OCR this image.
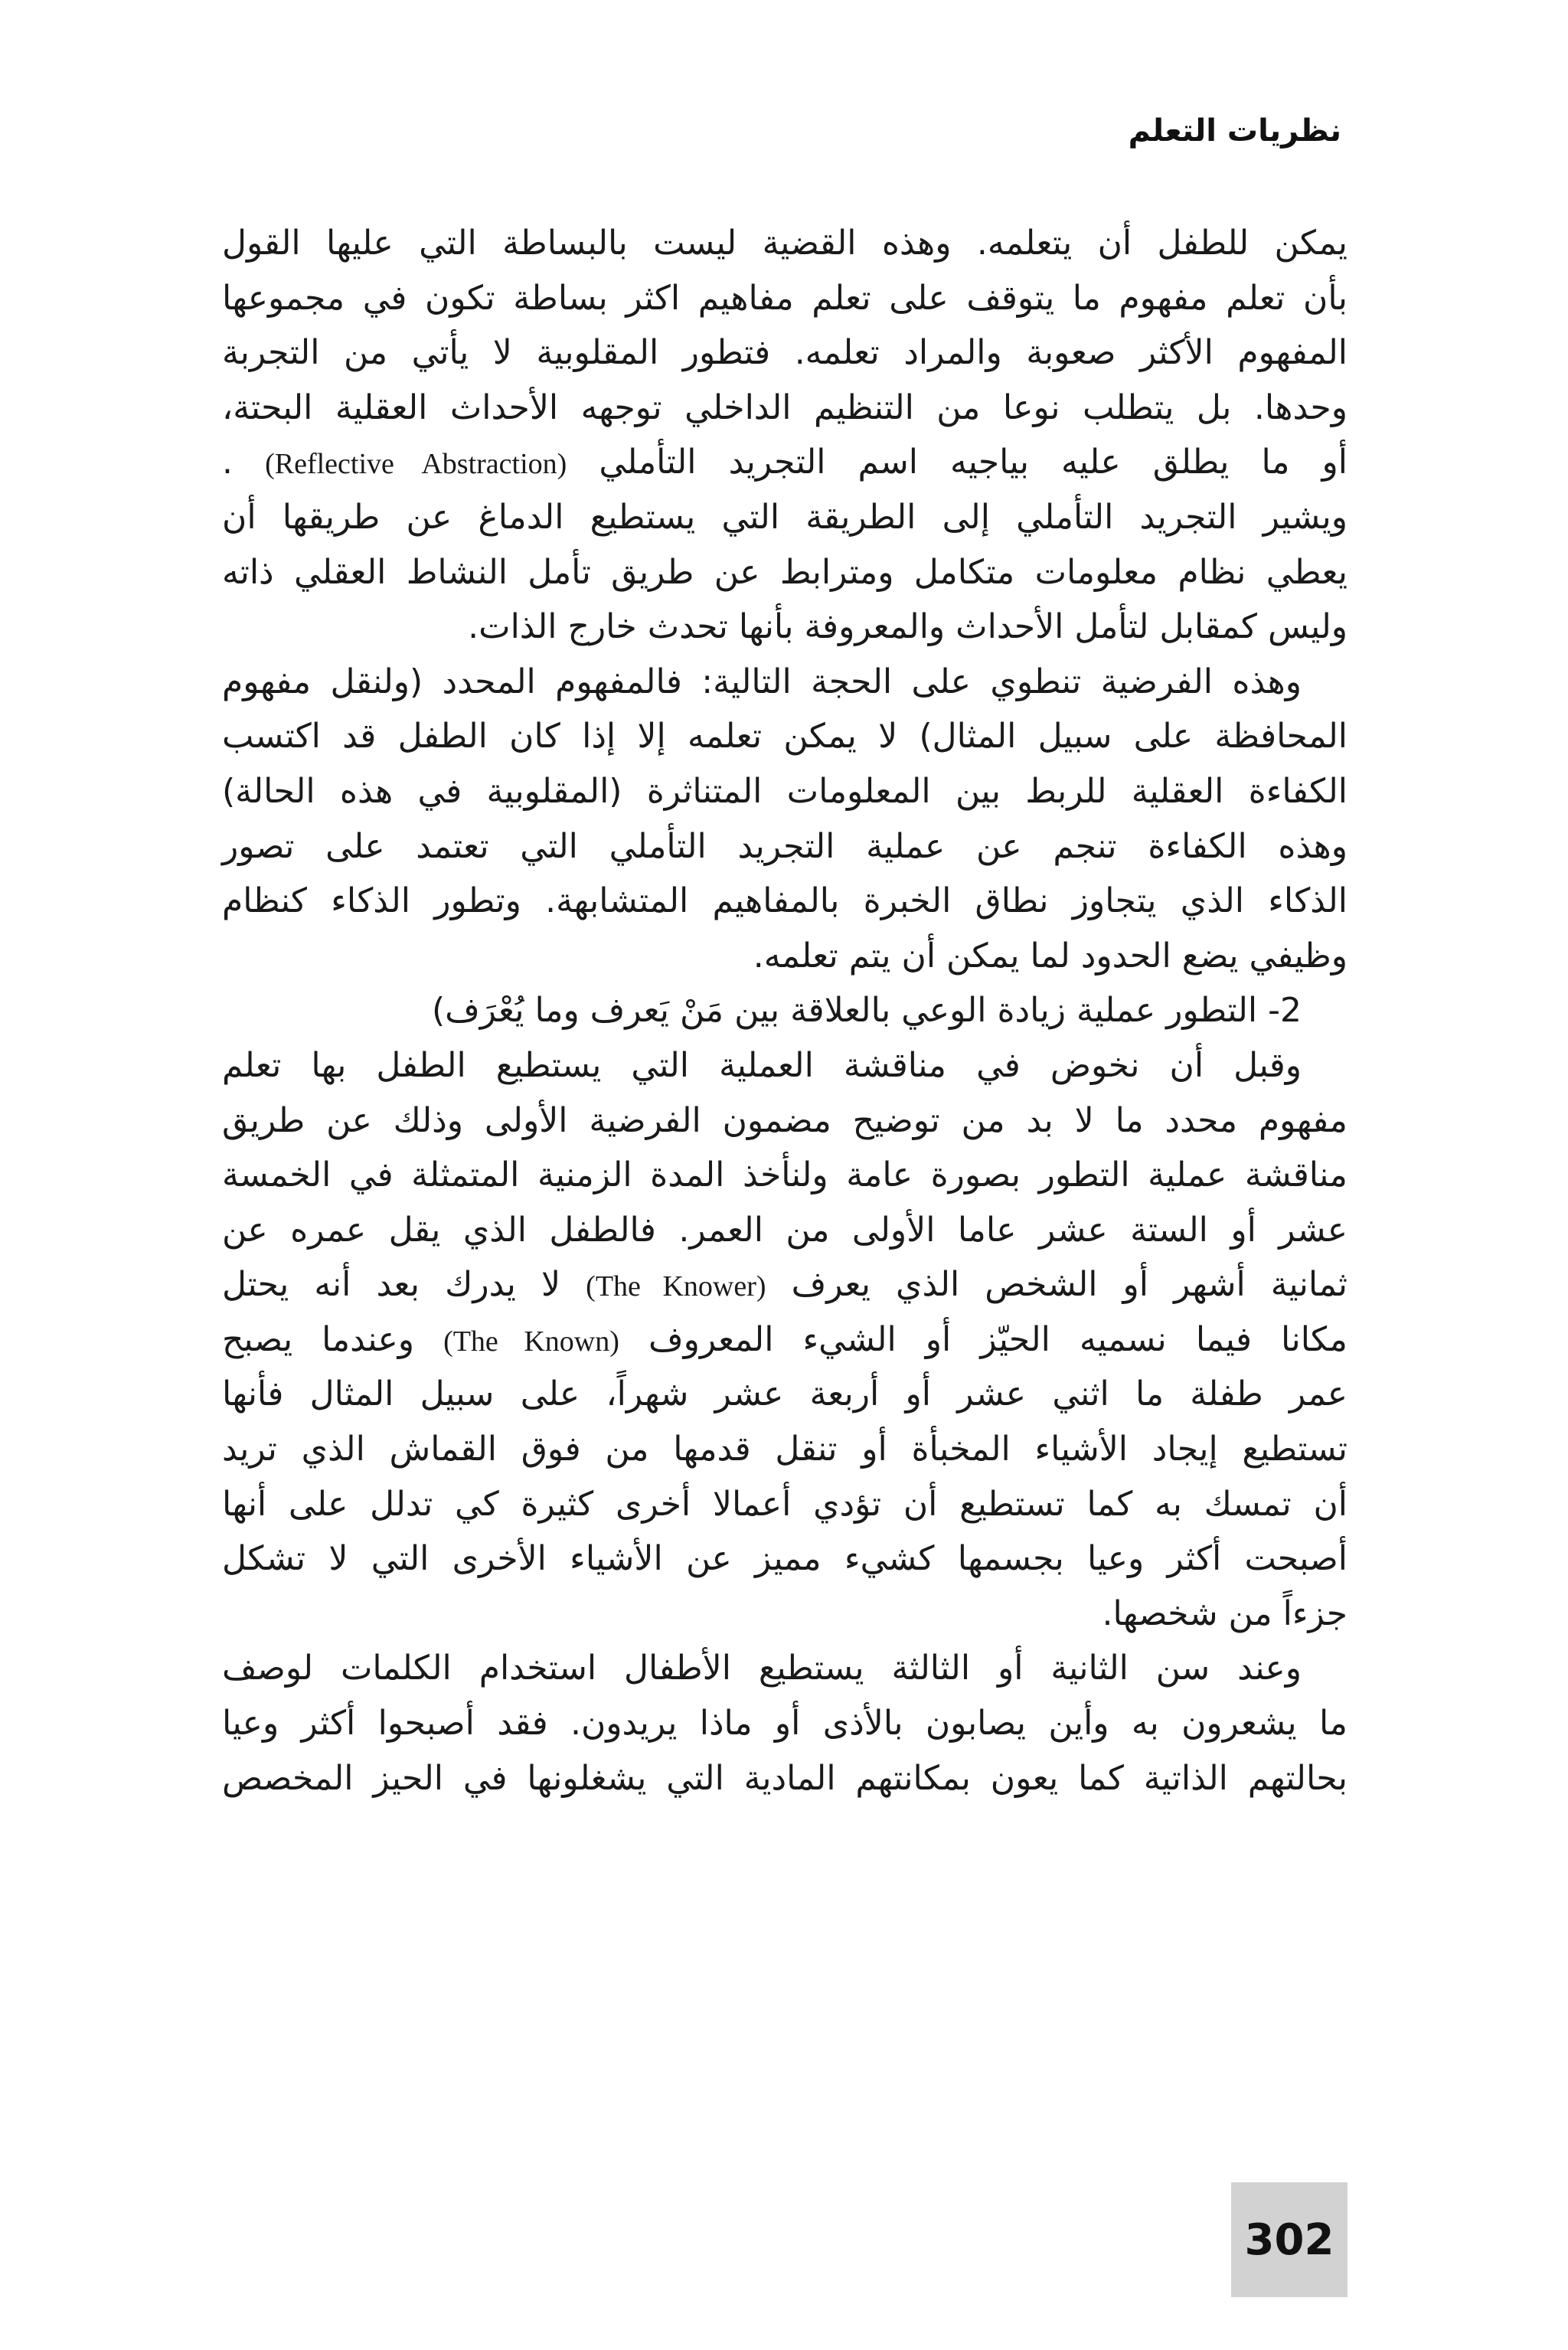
نظريات التعلم
يمكن للطفل أن يتعلمه. وهذه القضية ليست بالبساطة التي عليها القول
بأن تعلم مفهوم ما يتوقف على تعلم مفاهيم اكثر بساطة تكون في مجموعها
المفهوم الأكثر صعوبة والمراد تعلمه. فتطور المقلوبية لا يأتي من التجربة
وحدها. بل يتطلب نوعا من التنظيم الداخلي توجهه الأحداث العقلية البحتة،
أو ما يطلق عليه بياجيه اسم التجريد التأملي (Reflective Abstraction) .
ويشير التجريد التأملي إلى الطريقة التي يستطيع الدماغ عن طريقها أن
يعطي نظام معلومات متكامل ومترابط عن طريق تأمل النشاط العقلي ذاته
وليس كمقابل لتأمل الأحداث والمعروفة بأنها تحدث خارج الذات.
وهذه الفرضية تنطوي على الحجة التالية: فالمفهوم المحدد (ولنقل مفهوم
المحافظة على سبيل المثال) لا يمكن تعلمه إلا إذا كان الطفل قد اكتسب
الكفاءة العقلية للربط بين المعلومات المتناثرة (المقلوبية في هذه الحالة)
وهذه الكفاءة تنجم عن عملية التجريد التأملي التي تعتمد على تصور
الذكاء الذي يتجاوز نطاق الخبرة بالمفاهيم المتشابهة. وتطور الذكاء كنظام
وظيفي يضع الحدود لما يمكن أن يتم تعلمه.
2- التطور عملية زيادة الوعي بالعلاقة بين مَنْ يَعرف وما يُعْرَف)
وقبل أن نخوض في مناقشة العملية التي يستطيع الطفل بها تعلم
مفهوم محدد ما لا بد من توضيح مضمون الفرضية الأولى وذلك عن طريق
مناقشة عملية التطور بصورة عامة ولنأخذ المدة الزمنية المتمثلة في الخمسة
عشر أو الستة عشر عاما الأولى من العمر. فالطفل الذي يقل عمره عن
ثمانية أشهر أو الشخص الذي يعرف (The Knower) لا يدرك بعد أنه يحتل
مكانا فيما نسميه الحيّز أو الشيء المعروف (The Known) وعندما يصبح
عمر طفلة ما اثني عشر أو أربعة عشر شهراً، على سبيل المثال فأنها
تستطيع إيجاد الأشياء المخبأة أو تنقل قدمها من فوق القماش الذي تريد
أن تمسك به كما تستطيع أن تؤدي أعمالا أخرى كثيرة كي تدلل على أنها
أصبحت أكثر وعيا بجسمها كشيء مميز عن الأشياء الأخرى التي لا تشكل
جزءاً من شخصها.
وعند سن الثانية أو الثالثة يستطيع الأطفال استخدام الكلمات لوصف
ما يشعرون به وأين يصابون بالأذى أو ماذا يريدون. فقد أصبحوا أكثر وعيا
بحالتهم الذاتية كما يعون بمكانتهم المادية التي يشغلونها في الحيز المخصص
302
